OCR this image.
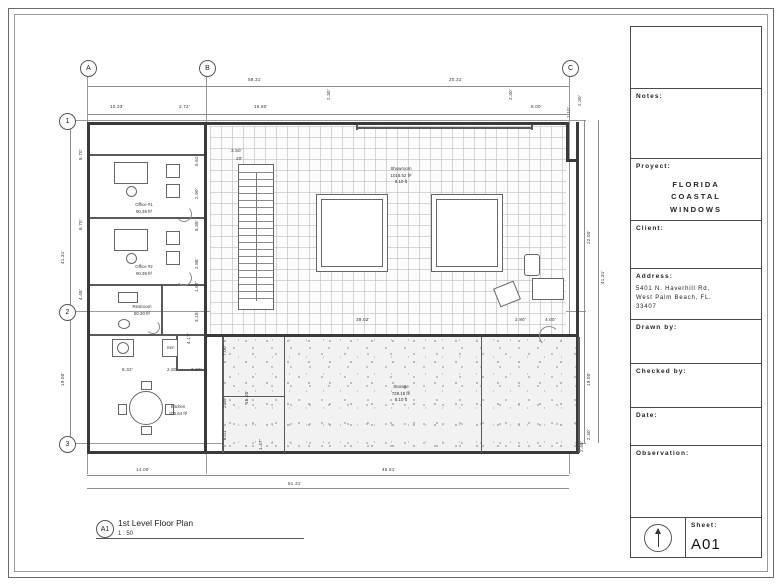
Notes:
Proyect:
FLORIDA
COASTAL
WINDOWS
Client:
Address:
5401 N. Haverhill Rd,
West Palm Beach, FL.
33407
Drawn by:
Checked by:
Date:
Observation:
Sheet:
A01
A	B	C
1
2
3
Office #1
90.39 ft²
Office #2
90.39 ft²
Restroom
50.20 ft²
Kitchen
105.64 ft²
Showroom
1018.52 ft²
8.10 ft
Storage
728.15 ft²
8.10 ft
REF.
59.31'	20.31'
10.33'	2.72'	16.80'
2.30'	2.30'
8.00'
2.30'
1.10'
41.31'
19.00'
8.70'
8.70'
4.48'
4.17'
22.00'
41.31'
19.00'
2.40'
3.50'
20'
5.62'
2.90'
8.38'
2.88'
1.67'
3.18'	39.02'	2.90'	4.00'
8.33'	2.60'	2.60'
7.00'
2.39'	16.00'
6.01'
1.47'
14.00'	45.51'
61.31'
2.40'
A1
1st Level Floor Plan
1 : 50
